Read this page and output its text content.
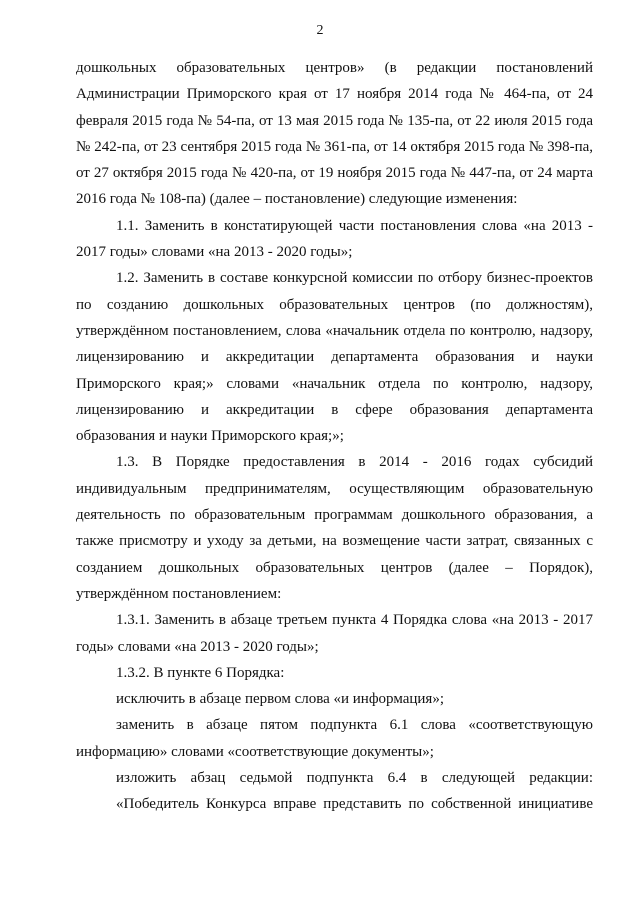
2

дошкольных образовательных центров» (в редакции постановлений Администрации Приморского края от 17 ноября 2014 года № 464-па, от 24 февраля 2015 года № 54-па, от 13 мая 2015 года № 135-па, от 22 июля 2015 года № 242-па, от 23 сентября 2015 года № 361-па, от 14 октября 2015 года № 398-па, от 27 октября 2015 года № 420-па, от 19 ноября 2015 года № 447-па, от 24 марта 2016 года № 108-па) (далее – постановление) следующие изменения:

1.1. Заменить в констатирующей части постановления слова «на 2013 - 2017 годы» словами «на 2013 - 2020 годы»;

1.2. Заменить в составе конкурсной комиссии по отбору бизнес-проектов по созданию дошкольных образовательных центров (по должностям), утверждённом постановлением, слова «начальник отдела по контролю, надзору, лицензированию и аккредитации департамента образования и науки Приморского края;» словами «начальник отдела по контролю, надзору, лицензированию и аккредитации в сфере образования департамента образования и науки Приморского края;»;

1.3. В Порядке предоставления в 2014 - 2016 годах субсидий индивидуальным предпринимателям, осуществляющим образовательную деятельность по образовательным программам дошкольного образования, а также присмотру и уходу за детьми, на возмещение части затрат, связанных с созданием дошкольных образовательных центров (далее – Порядок), утверждённом постановлением:

1.3.1. Заменить в абзаце третьем пункта 4 Порядка слова «на 2013 - 2017 годы» словами «на 2013 - 2020 годы»;

1.3.2. В пункте 6 Порядка:

исключить в абзаце первом слова «и информация»;

заменить в абзаце пятом подпункта 6.1 слова «соответствующую информацию» словами «соответствующие документы»;

изложить абзац седьмой подпункта 6.4 в следующей редакции:

«Победитель Конкурса вправе представить по собственной инициативе
